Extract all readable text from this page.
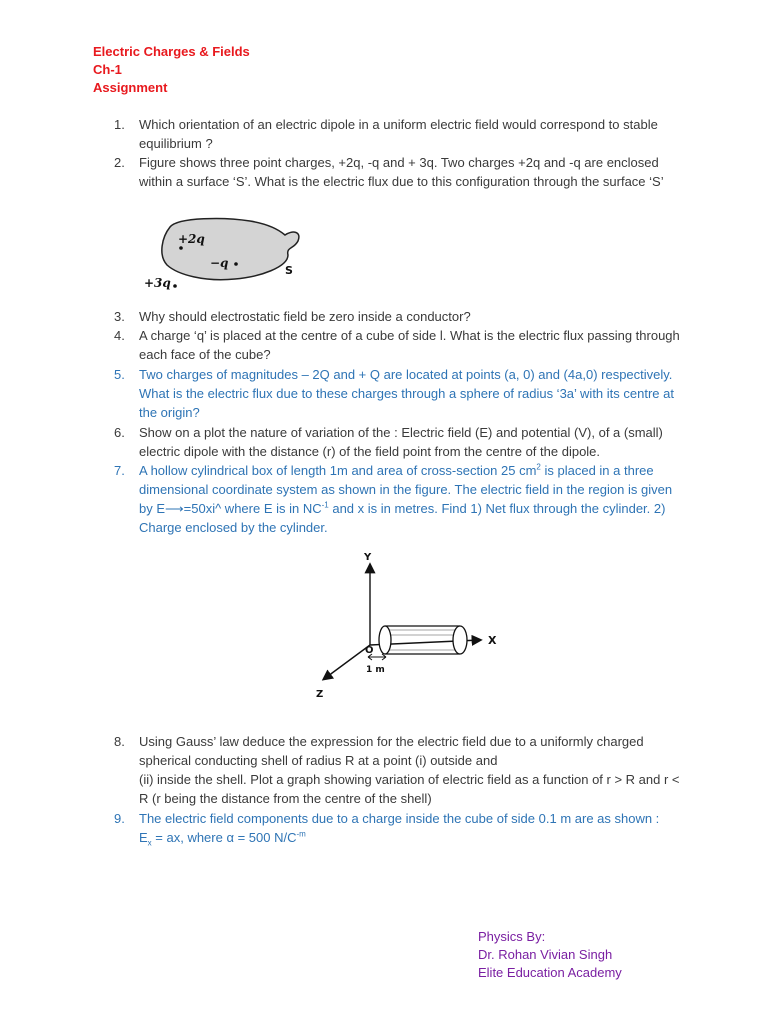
Electric Charges & Fields
Ch-1
Assignment
1.	Which orientation of an electric dipole in a uniform electric field would correspond to stable equilibrium ?
2.	Figure shows three point charges, +2q, -q and + 3q. Two charges +2q and -q are enclosed within a surface ‘S’. What is the electric flux due to this configuration through the surface ‘S’
+2q
−q
S
+3q
3.	Why should electrostatic field be zero inside a conductor?
4.	A charge ‘q’ is placed at the centre of a cube of side l. What is the electric flux passing through each face of the cube?
5.	Two charges of magnitudes – 2Q and + Q are located at points (a, 0) and (4a,0) respectively. What is the electric flux due to these charges through a sphere of radius ‘3a’ with its centre at the origin?
6.	Show on a plot the nature of variation of the : Electric field (E) and potential (V), of a (small) electric dipole with the distance (r) of the field point from the centre of the dipole.
7.	A hollow cylindrical box of length 1m and area of cross-section 25 $cm^2$ is placed in a three dimensional coordinate system as shown in the figure. The electric field in the region is given by E⟶=50xi^ where E is in $NC^{-1}$ and x is in metres. Find 1) Net flux through the cylinder. 2) Charge enclosed by the cylinder.
Y
X
Z
O
1 m
8.	Using Gauss’ law deduce the expression for the electric field due to a uniformly charged spherical conducting shell of radius R at a point (i) outside and
(ii) inside the shell. Plot a graph showing variation of electric field as a function of r > R and r < R (r being the distance from the centre of the shell)
9.	The electric field components due to a charge inside the cube of side 0.1 m are as shown :
$E_x$ = ax, where α = 500 $N/C^{-m}$
Physics By:
Dr. Rohan Vivian Singh
Elite Education Academy
